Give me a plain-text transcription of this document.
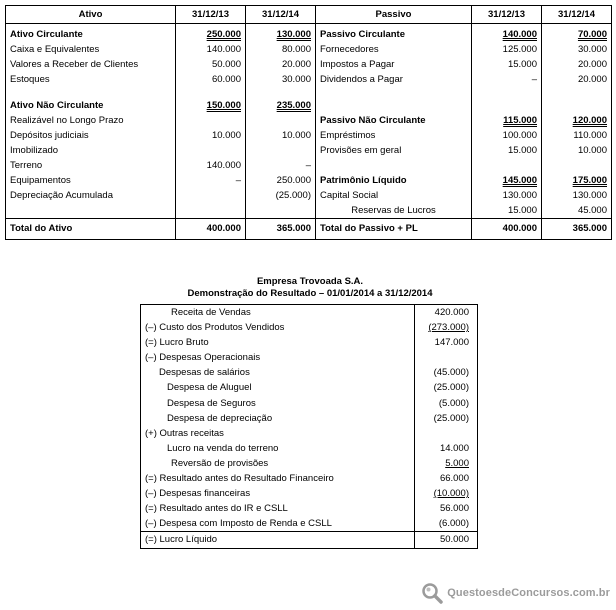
Ativo	31/12/13	31/12/14	Passivo	31/12/13	31/12/14
Ativo Circulante	250.000	130.000	Passivo Circulante	140.000	70.000
Caixa e Equivalentes	140.000	80.000	Fornecedores	125.000	30.000
Valores a Receber de Clientes	50.000	20.000	Impostos a Pagar	15.000	20.000
Estoques	60.000	30.000	Dividendos a Pagar	–	20.000

Ativo Não Circulante	150.000	235.000			
Realizável no Longo Prazo			Passivo Não Circulante	115.000	120.000
Depósitos judiciais	10.000	10.000	Empréstimos	100.000	110.000
Imobilizado			Provisões em geral	15.000	10.000
Terreno	140.000	–			
Equipamentos	–	250.000	Patrimônio Líquido	145.000	175.000
Depreciação Acumulada		(25.000)	Capital Social	130.000	130.000
			Reservas de Lucros	15.000	45.000
Total do Ativo	400.000	365.000	Total do Passivo + PL	400.000	365.000
Empresa Trovoada S.A.
Demonstração do Resultado – 01/01/2014 a 31/12/2014
Receita de Vendas	420.000
(–) Custo dos Produtos Vendidos	(273.000)
(=) Lucro Bruto	147.000
(–) Despesas Operacionais	
Despesas de salários	(45.000)
Despesa de Aluguel	(25.000)
Despesa de Seguros	(5.000)
Despesa de depreciação	(25.000)
(+) Outras receitas	
Lucro na venda do terreno	14.000
Reversão de provisões	5.000
(=) Resultado antes do Resultado Financeiro	66.000
(–) Despesas financeiras	(10.000)
(=) Resultado antes do IR e CSLL	56.000
(–) Despesa com Imposto de Renda e CSLL	(6.000)
(=) Lucro Líquido	50.000
QuestoesdeConcursos.com.br
